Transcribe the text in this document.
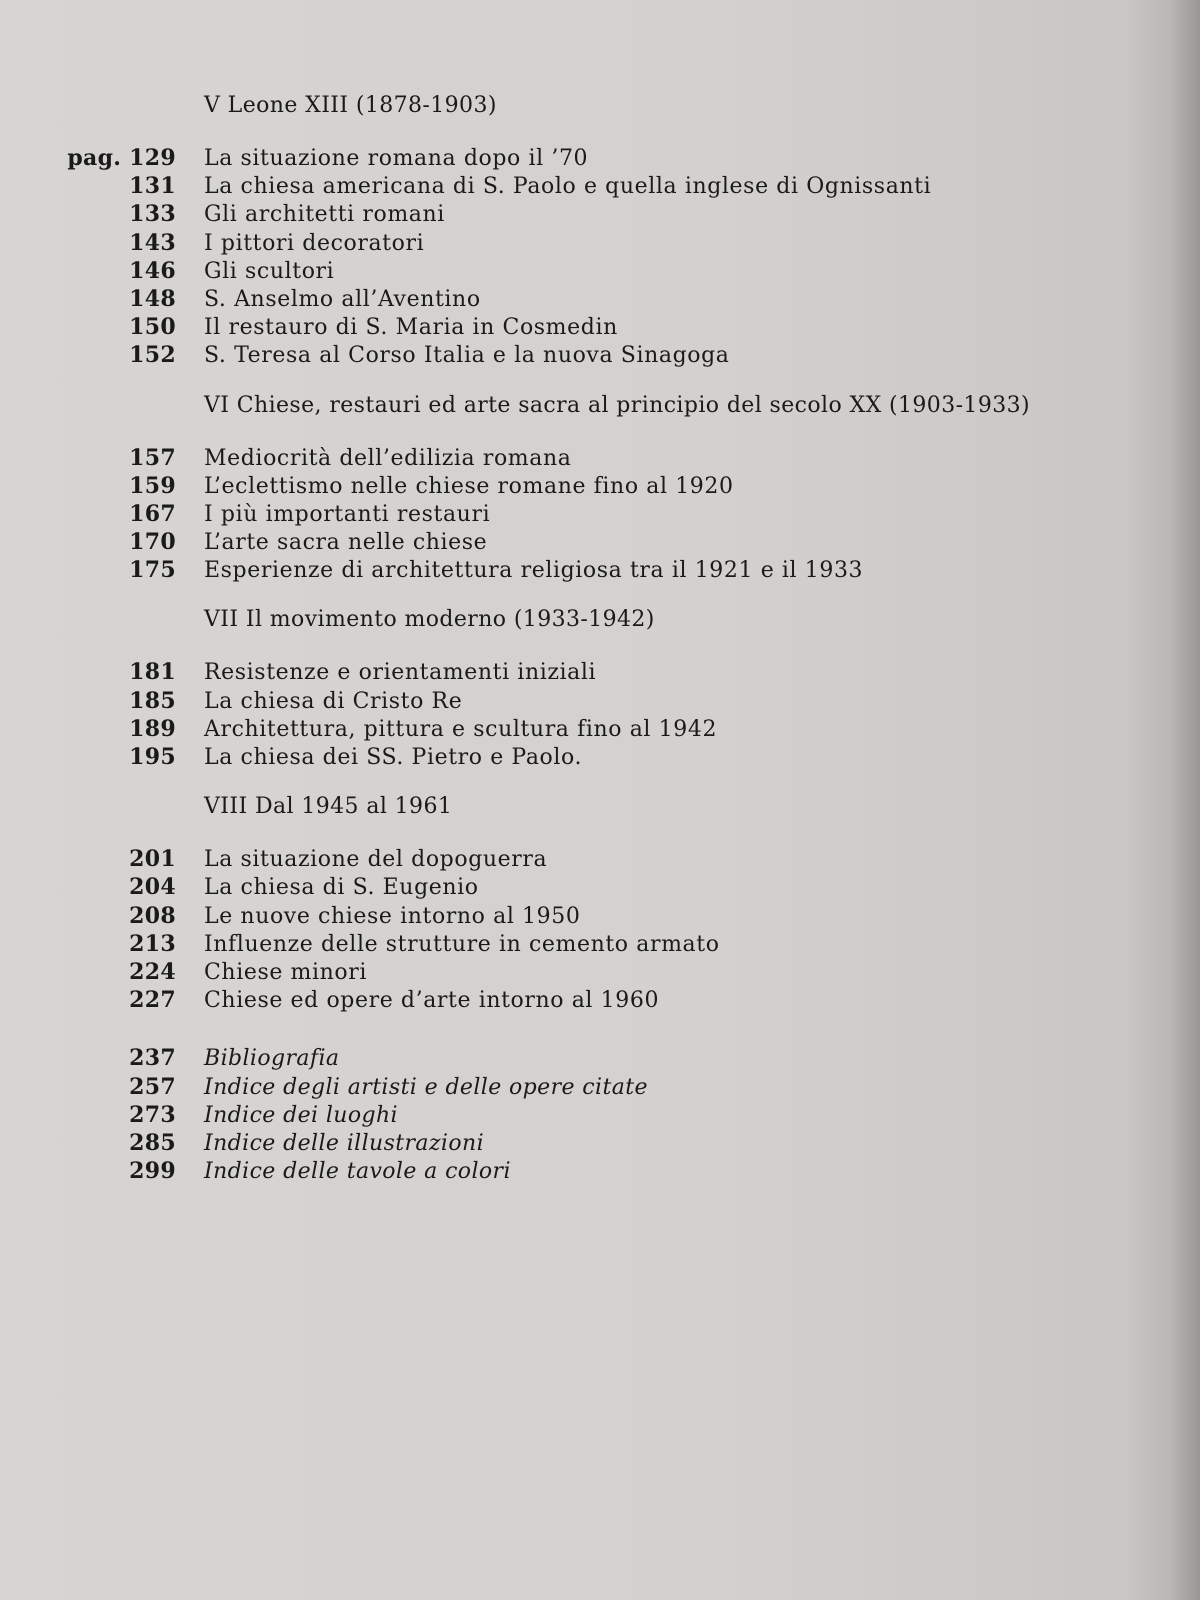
V Leone XIII (1878-1903)
pag. 129 La situazione romana dopo il ’70
131 La chiesa americana di S. Paolo e quella inglese di Ognissanti
133 Gli architetti romani
143 I pittori decoratori
146 Gli scultori
148 S. Anselmo all’Aventino
150 Il restauro di S. Maria in Cosmedin
152 S. Teresa al Corso Italia e la nuova Sinagoga
VI Chiese, restauri ed arte sacra al principio del secolo XX (1903-1933)
157 Mediocrità dell’edilizia romana
159 L’eclettismo nelle chiese romane fino al 1920
167 I più importanti restauri
170 L’arte sacra nelle chiese
175 Esperienze di architettura religiosa tra il 1921 e il 1933
VII Il movimento moderno (1933-1942)
181 Resistenze e orientamenti iniziali
185 La chiesa di Cristo Re
189 Architettura, pittura e scultura fino al 1942
195 La chiesa dei SS. Pietro e Paolo.
VIII Dal 1945 al 1961
201 La situazione del dopoguerra
204 La chiesa di S. Eugenio
208 Le nuove chiese intorno al 1950
213 Influenze delle strutture in cemento armato
224 Chiese minori
227 Chiese ed opere d’arte intorno al 1960
237 Bibliografia
257 Indice degli artisti e delle opere citate
273 Indice dei luoghi
285 Indice delle illustrazioni
299 Indice delle tavole a colori
